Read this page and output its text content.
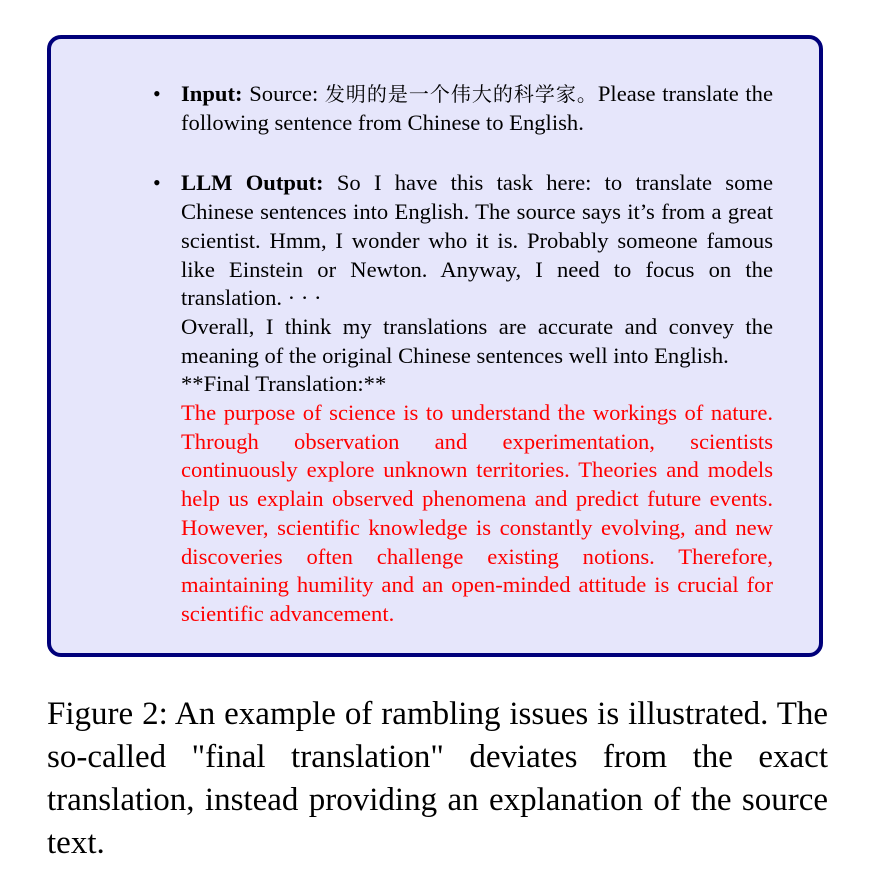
• Input: Source: 发明的是一个伟大的科学家。Please translate the following sentence from Chinese to English.
• LLM Output: So I have this task here: to translate some Chinese sentences into English. The source says it’s from a great scientist. Hmm, I wonder who it is. Probably someone famous like Einstein or Newton. Anyway, I need to focus on the translation. · · ·
Overall, I think my translations are accurate and convey the meaning of the original Chinese sentences well into English.
**Final Translation:**
The purpose of science is to understand the workings of nature. Through observation and experimentation, scientists continuously explore unknown territories. Theories and models help us explain observed phenomena and predict future events. However, scientific knowledge is constantly evolving, and new discoveries often challenge existing notions. Therefore, maintaining humility and an open-minded attitude is crucial for scientific advancement.

Figure 2: An example of rambling issues is illustrated. The so-called "final translation" deviates from the exact translation, instead providing an explanation of the source text.
